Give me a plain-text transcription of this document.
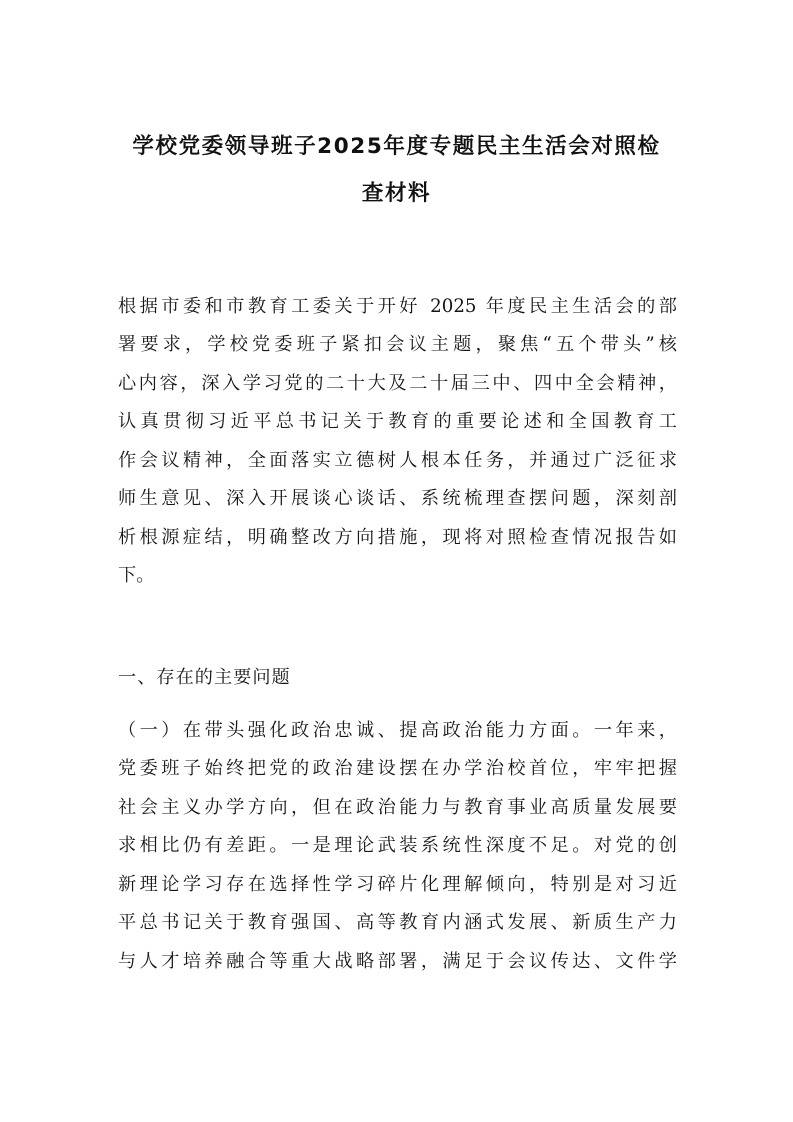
学校党委领导班子2025年度专题民主生活会对照检
查材料
根据市委和市教育工委关于开好 2025 年度民主生活会的部
署要求，学校党委班子紧扣会议主题，聚焦“五个带头”核
心内容，深入学习党的二十大及二十届三中、四中全会精神，
认真贯彻习近平总书记关于教育的重要论述和全国教育工
作会议精神，全面落实立德树人根本任务，并通过广泛征求
师生意见、深入开展谈心谈话、系统梳理查摆问题，深刻剖
析根源症结，明确整改方向措施，现将对照检查情况报告如
下。
一、存在的主要问题
（一）在带头强化政治忠诚、提高政治能力方面。一年来，
党委班子始终把党的政治建设摆在办学治校首位，牢牢把握
社会主义办学方向，但在政治能力与教育事业高质量发展要
求相比仍有差距。一是理论武装系统性深度不足。对党的创
新理论学习存在选择性学习碎片化理解倾向，特别是对习近
平总书记关于教育强国、高等教育内涵式发展、新质生产力
与人才培养融合等重大战略部署，满足于会议传达、文件学
